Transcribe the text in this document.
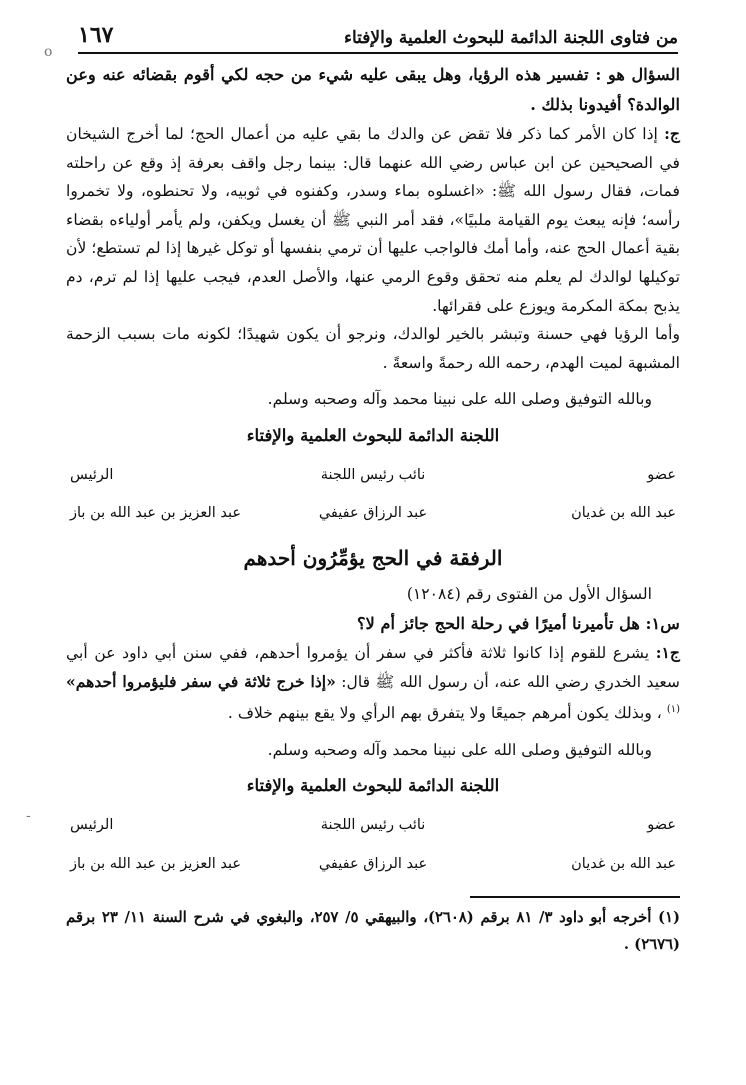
من فتاوى اللجنة الدائمة للبحوث العلمية والإفتاء
١٦٧

السؤال هو : تفسير هذه الرؤيا، وهل يبقى عليه شيء من حجه لكي أقوم بقضائه عنه وعن الوالدة؟ أفيدونا بذلك .

ج: إذا كان الأمر كما ذكر فلا تقض عن والدك ما بقي عليه من أعمال الحج؛ لما أخرج الشيخان في الصحيحين عن ابن عباس رضي الله عنهما قال: بينما رجل واقف بعرفة إذ وقع عن راحلته فمات، فقال رسول الله ﷺ: «اغسلوه بماء وسدر، وكفنوه في ثوبيه، ولا تحنطوه، ولا تخمروا رأسه؛ فإنه يبعث يوم القيامة ملبيًا»، فقد أمر النبي ﷺ أن يغسل ويكفن، ولم يأمر أولياءه بقضاء بقية أعمال الحج عنه، وأما أمك فالواجب عليها أن ترمي بنفسها أو توكل غيرها إذا لم تستطع؛ لأن توكيلها لوالدك لم يعلم منه تحقق وقوع الرمي عنها، والأصل العدم، فيجب عليها إذا لم ترم، دم يذبح بمكة المكرمة ويوزع على فقرائها.

وأما الرؤيا فهي حسنة وتبشر بالخير لوالدك، ونرجو أن يكون شهيدًا؛ لكونه مات بسبب الزحمة المشبهة لميت الهدم، رحمه الله رحمةً واسعةً .

وبالله التوفيق وصلى الله على نبينا محمد وآله وصحبه وسلم.

اللجنة الدائمة للبحوث العلمية والإفتاء
عضو
نائب رئيس اللجنة
الرئيس
عبد الله بن غديان
عبد الرزاق عفيفي
عبد العزيز بن عبد الله بن باز
الرفقة في الحج يؤمِّرُون أحدهم

السؤال الأول من الفتوى رقم (١٢٠٨٤)

س١: هل تأميرنا أميرًا في رحلة الحج جائز أم لا؟

ج١: يشرع للقوم إذا كانوا ثلاثة فأكثر في سفر أن يؤمروا أحدهم، ففي سنن أبي داود عن أبي سعيد الخدري رضي الله عنه، أن رسول الله ﷺ قال: «إذا خرج ثلاثة في سفر فليؤمروا أحدهم» $^{(١)}$ ، وبذلك يكون أمرهم جميعًا ولا يتفرق بهم الرأي ولا يقع بينهم خلاف .

وبالله التوفيق وصلى الله على نبينا محمد وآله وصحبه وسلم.

اللجنة الدائمة للبحوث العلمية والإفتاء
عضو
نائب رئيس اللجنة
الرئيس
عبد الله بن غديان
عبد الرزاق عفيفي
عبد العزيز بن عبد الله بن باز

(١) أخرجه أبو داود ٣/ ٨١ برقم (٢٦٠٨)، والبيهقي ٥/ ٢٥٧، والبغوي في شرح السنة ١١/ ٢٣ برقم (٢٦٧٦) .

o
-
